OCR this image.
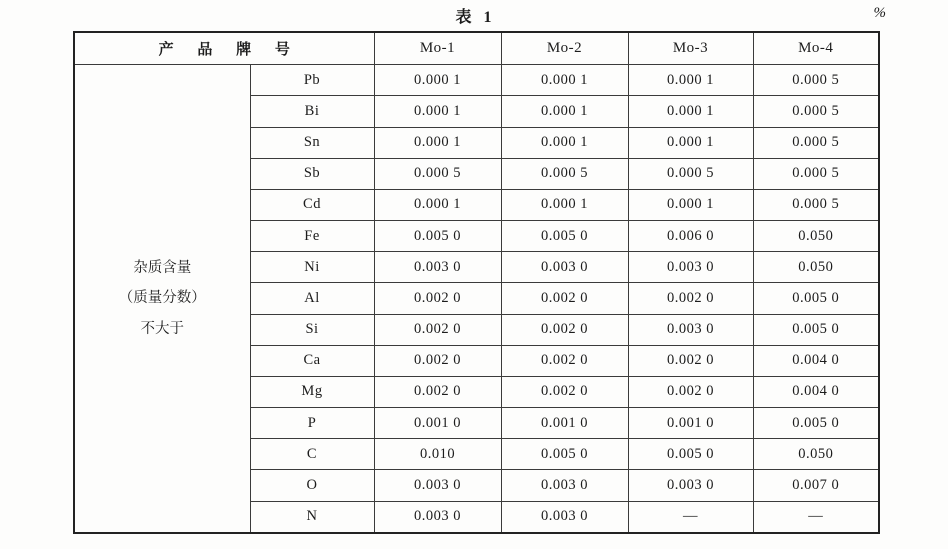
表 1	%
产 品 牌 号		Mo-1	Mo-2	Mo-3	Mo-4

杂质含量
（质量分数）
不大于	Pb	0.000 1	0.000 1	0.000 1	0.000 5
	Bi	0.000 1	0.000 1	0.000 1	0.000 5
	Sn	0.000 1	0.000 1	0.000 1	0.000 5
	Sb	0.000 5	0.000 5	0.000 5	0.000 5
	Cd	0.000 1	0.000 1	0.000 1	0.000 5
	Fe	0.005 0	0.005 0	0.006 0	0.050
	Ni	0.003 0	0.003 0	0.003 0	0.050
	Al	0.002 0	0.002 0	0.002 0	0.005 0
	Si	0.002 0	0.002 0	0.003 0	0.005 0
	Ca	0.002 0	0.002 0	0.002 0	0.004 0
	Mg	0.002 0	0.002 0	0.002 0	0.004 0
	P	0.001 0	0.001 0	0.001 0	0.005 0
	C	0.010	0.005 0	0.005 0	0.050
	O	0.003 0	0.003 0	0.003 0	0.007 0
	N	0.003 0	0.003 0	—	—
